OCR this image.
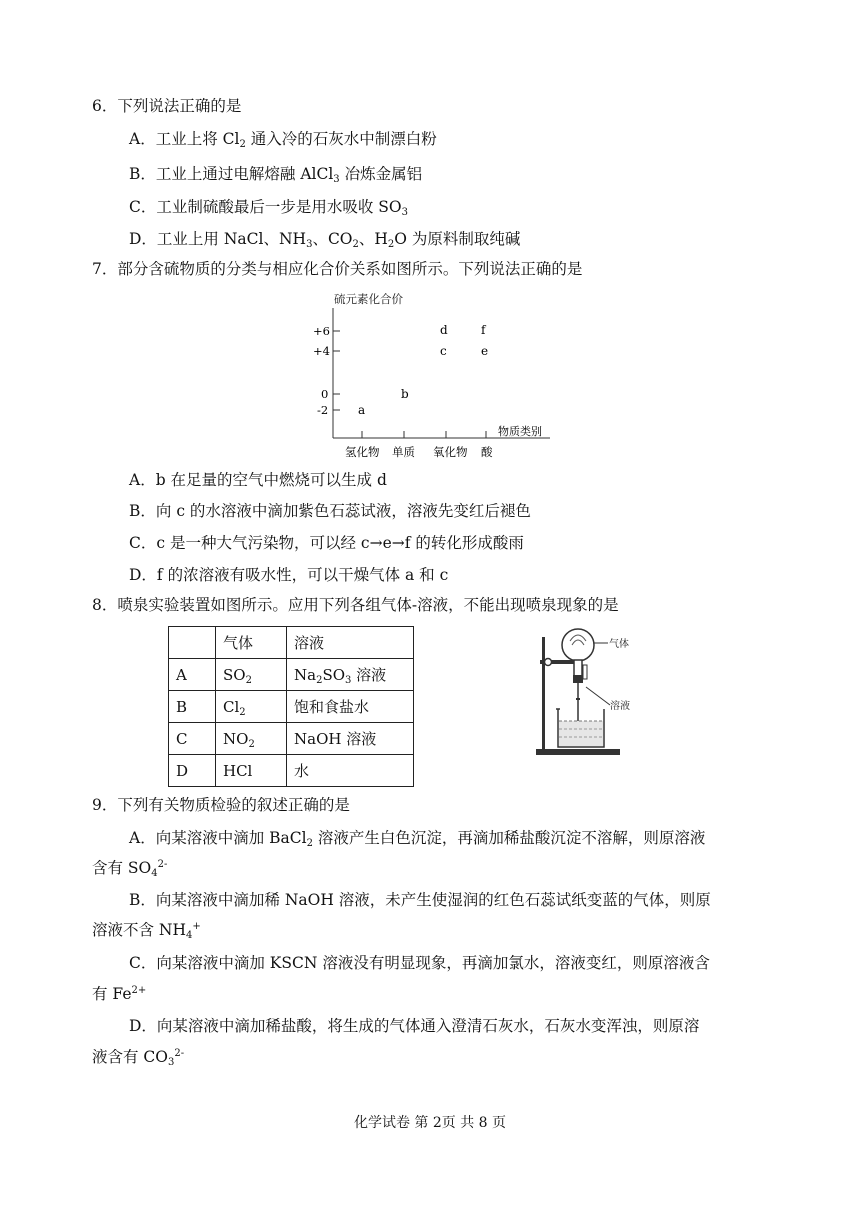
6．下列说法正确的是
A．工业上将 $Cl_2$ 通入冷的石灰水中制漂白粉
B．工业上通过电解熔融 AlCl$_3$ 冶炼金属铝
C．工业制硫酸最后一步是用水吸收 $SO_3$
D．工业上用 NaCl、$NH_3$、$CO_2$、$H_2O$ 为原料制取纯碱
7．部分含硫物质的分类与相应化合价关系如图所示。下列说法正确的是
硫元素化合价
+6
+4
0
-2
物质类别
氢化物 单质 氧化物 酸
a
b
c
d
e
f
A．b 在足量的空气中燃烧可以生成 d
B．向 c 的水溶液中滴加紫色石蕊试液，溶液先变红后褪色
C．c 是一种大气污染物，可以经 c→e→f 的转化形成酸雨
D．f 的浓溶液有吸水性，可以干燥气体 a 和 c
8．喷泉实验装置如图所示。应用下列各组气体-溶液，不能出现喷泉现象的是
	气体	溶液
A	$SO_2$	$Na_2SO_3$ 溶液
B	$Cl_2$	饱和食盐水
C	$NO_2$	NaOH 溶液
D	HCl	水
气体
溶液
9．下列有关物质检验的叙述正确的是
A．向某溶液中滴加 BaCl$_2$ 溶液产生白色沉淀，再滴加稀盐酸沉淀不溶解，则原溶液
含有 $SO_4^{2-}$
B．向某溶液中滴加稀 NaOH 溶液，未产生使湿润的红色石蕊试纸变蓝的气体，则原
溶液不含 $NH_4^+$
C．向某溶液中滴加 KSCN 溶液没有明显现象，再滴加氯水，溶液变红，则原溶液含
有 $Fe^{2+}$
D．向某溶液中滴加稀盐酸，将生成的气体通入澄清石灰水，石灰水变浑浊，则原溶
液含有 $CO_3^{2-}$
化学试卷 第 2页 共 8 页
